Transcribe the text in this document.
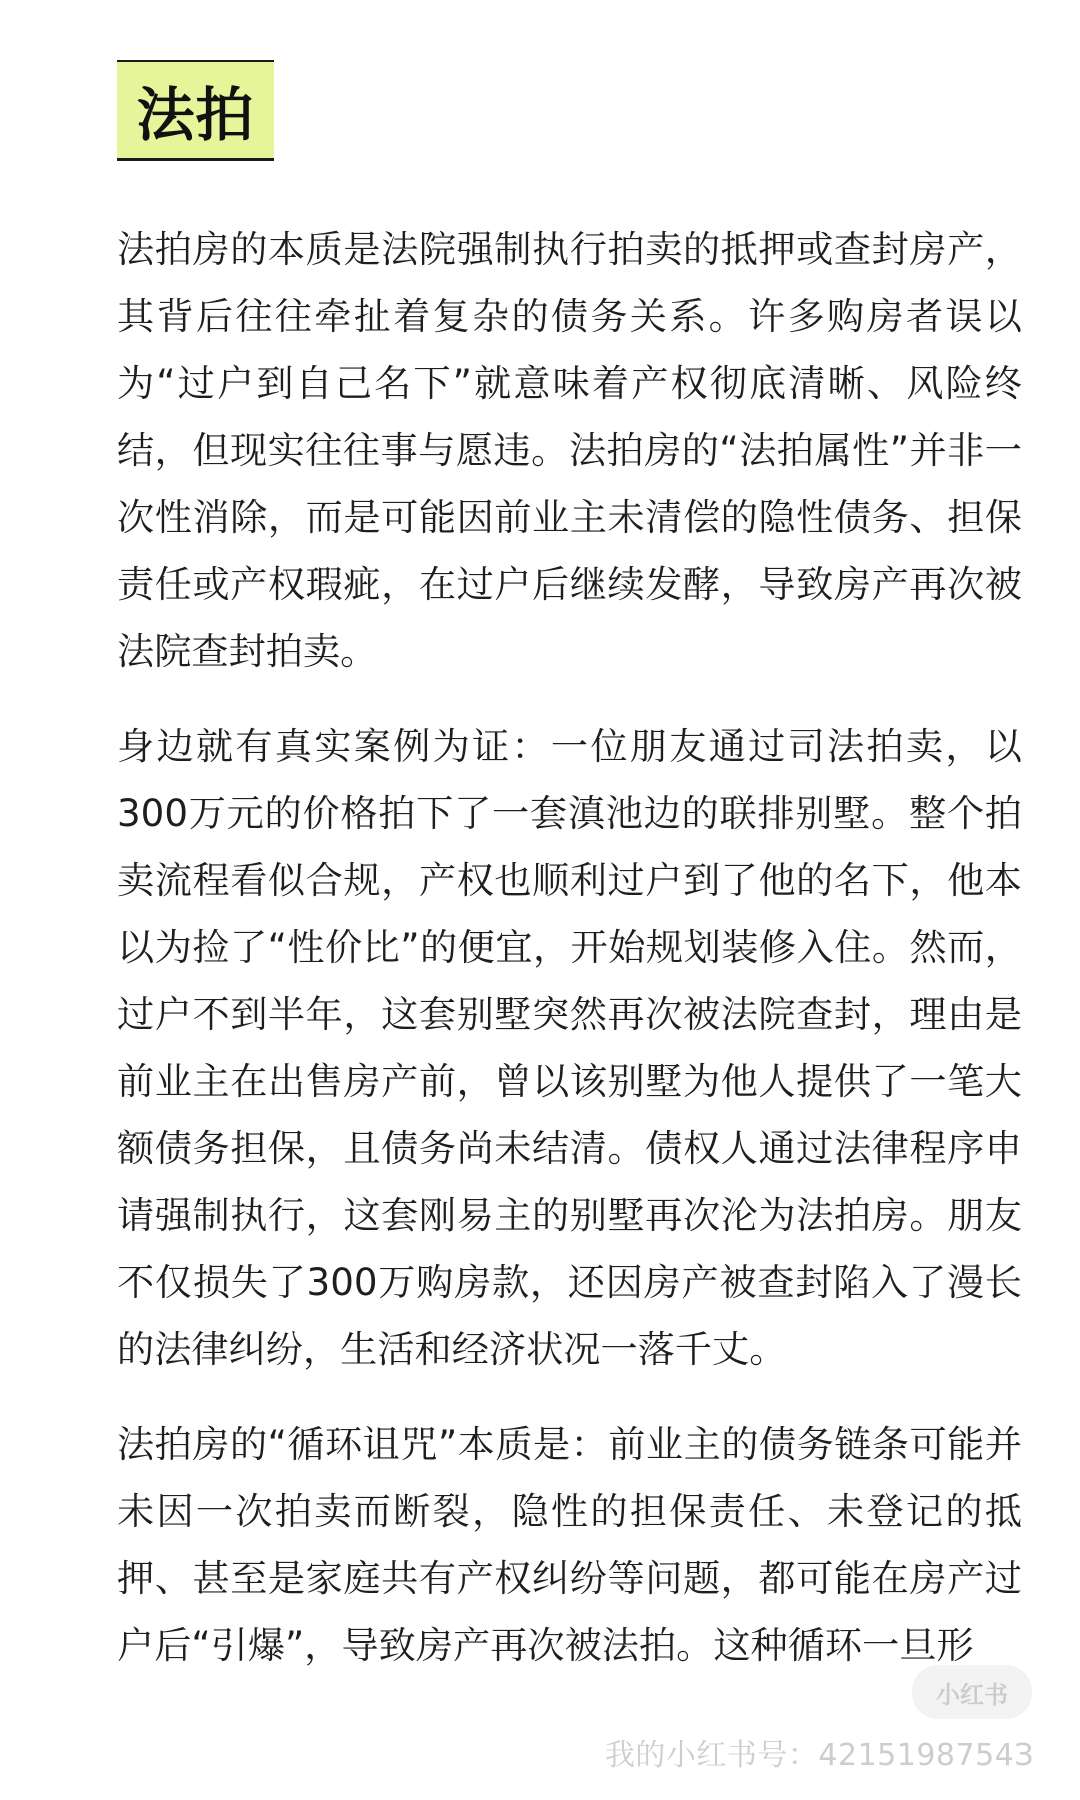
法拍

法拍房的本质是法院强制执行拍卖的抵押或查封房产，其背后往往牵扯着复杂的债务关系。许多购房者误以为“过户到自己名下”就意味着产权彻底清晰、风险终结，但现实往往事与愿违。法拍房的“法拍属性”并非一次性消除，而是可能因前业主未清偿的隐性债务、担保责任或产权瑕疵，在过户后继续发酵，导致房产再次被法院查封拍卖。

身边就有真实案例为证：一位朋友通过司法拍卖，以300万元的价格拍下了一套滇池边的联排别墅。整个拍卖流程看似合规，产权也顺利过户到了他的名下，他本以为捡了“性价比”的便宜，开始规划装修入住。然而，过户不到半年，这套别墅突然再次被法院查封，理由是前业主在出售房产前，曾以该别墅为他人提供了一笔大额债务担保，且债务尚未结清。债权人通过法律程序申请强制执行，这套刚易主的别墅再次沦为法拍房。朋友不仅损失了300万购房款，还因房产被查封陷入了漫长的法律纠纷，生活和经济状况一落千丈。

法拍房的“循环诅咒”本质是：前业主的债务链条可能并未因一次拍卖而断裂，隐性的担保责任、未登记的抵押、甚至是家庭共有产权纠纷等问题，都可能在房产过户后“引爆”，导致房产再次被法拍。这种循环一旦形

小红书
我的小红书号：4215198754З
